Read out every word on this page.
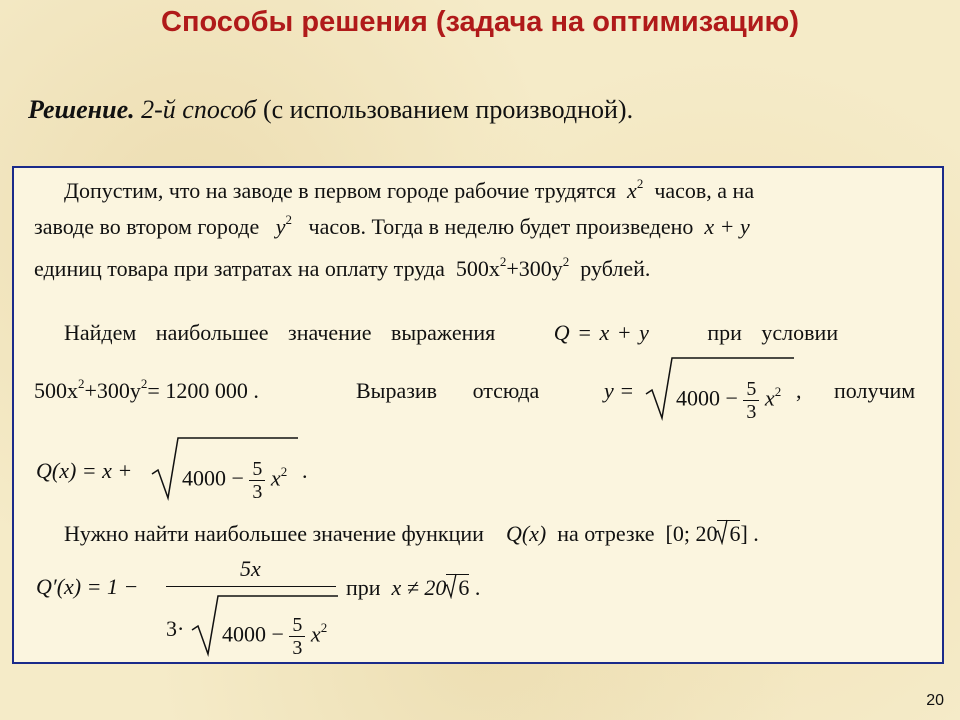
Способы решения (задача на оптимизацию)
Решение. 2-й способ (с использованием производной).
Допустим, что на заводе в первом городе рабочие трудятся $x^2$ часов, а на
заводе во втором городе $y^2$ часов. Тогда в неделю будет произведено x + y
единиц товара при затратах на оплату труда $500x^2+300y^2$ рублей.
Найдем наибольшее значение выражения	Q = x + y	при условии
$500x^2+300y^2= 1200$ 000 .	Выразив отсюда	$y = 4000 - \frac{5}{3} x^2$ , получим
$Q(x) = x + 4000 - \frac{5}{3} x^2$ .
Нужно найти наибольшее значение функции Q(x) на отрезке [0; 20 6] .
Q′(x) = 1 −
5x
$3\cdot 4000 - \frac{5}{3} x^2$
при x ≠ 20 6 .
20
